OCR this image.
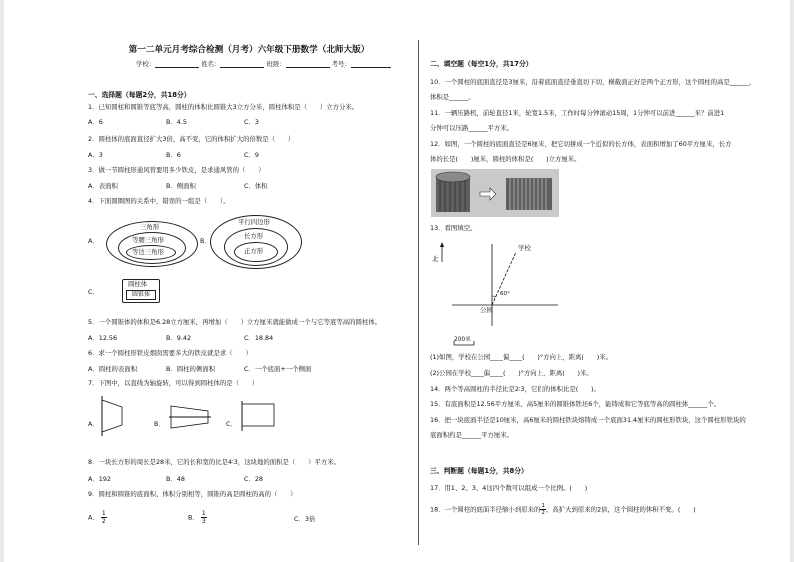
第一二单元月考综合检测（月考）六年级下册数学（北师大版）
学校：	姓名：	班级：	考号：
一、选择题（每题2分，共18分）
1．已知圆柱和圆锥等底等高，圆柱的体积比圆锥大3立方分米，圆柱体积是（　　）立方分米。
A．6	B．4.5	C．3
2．圆柱体的底面直径扩大3倍，高不变，它的体积扩大的倍数是（　　）
A．3	B．6	C．9
3．做一节圆柱形通风管要用多少铁皮，是求通风管的（　　）
A．表面积	B．侧面积	C．体积
4．下面圆圈图的关系中，错误的一组是（　　）。
A．
三角形
等腰三角形
等边三角形
B．
平行四边形
长方形
正方形
C．
圆柱体
圆锥体
5．一个圆锥体的体积是6.28立方厘米，再增加（　　）立方厘米就能做成一个与它等底等高的圆柱体。
A．12.56	B．9.42	C．18.84
6．求一个圆柱形铁皮烟囱需要多大的铁皮就是求（　　）
A．圆柱的表面积	B．圆柱的侧面积	C．一个底面+一个侧面
7．下图中，以直线为轴旋转，可以得到圆柱体的是（　　）
A．	B．	C．
8．一块长方形的周长是28米，它的长和宽的比是4∶3，这块地的面积是（　　）平方米。
A．192	B．48	C．28
9．圆柱和圆锥的底面积、体积分别相等，圆锥的高是圆柱的高的（　　）
A． $\frac{1}{2}$	B． $\frac{1}{3}$	C．3倍
二、填空题（每空1分，共17分）
10．一个圆柱的底面直径是3厘米，沿着底面直径垂直切下切，横截面正好是两个正方形，这个圆柱的高是______，
体积是______。
11．一辆压路机，前轮直径1米，轮宽1.5米，工作时每分钟滚动15周，1分钟可以前进______米？前进1
分钟可以压路______平方米。
12．如图，一个圆柱的底面直径是6厘米，把它切拼成一个近似的长方体，表面积增加了60平方厘米，长方
体的长是(　　)厘米，圆柱的体积是(　　)立方厘米。
13．看图填空。
北
学校
公园
60°
200米
(1)如图，学校在公园____偏____(　　)°方向上，距离(　　)米。
(2)公园在学校____偏____(　　)°方向上，距离(　　)米。
14．两个等高圆柱的半径比是2∶3，它们的体积比是(　　)。
15．有底面积是12.56平方厘米、高5厘米的圆锥体铁坯6个，能铸成和它等底等高的圆柱体______个。
16．把一块底面半径是10厘米，高6厘米的圆柱铁块熔铸成一个底面31.4厘米的圆柱形铁块，这个圆柱形铁块的
底面积约是______平方厘米。
三、判断题（每题1分，共8分）
17．用1、2、3、4这四个数可以组成一个比例。(　　)
18．一个圆柱的底面半径缩小到原来的 $\frac{1}{2}$ ，高扩大到原来的2倍，这个圆柱的体积不变。(　　)
